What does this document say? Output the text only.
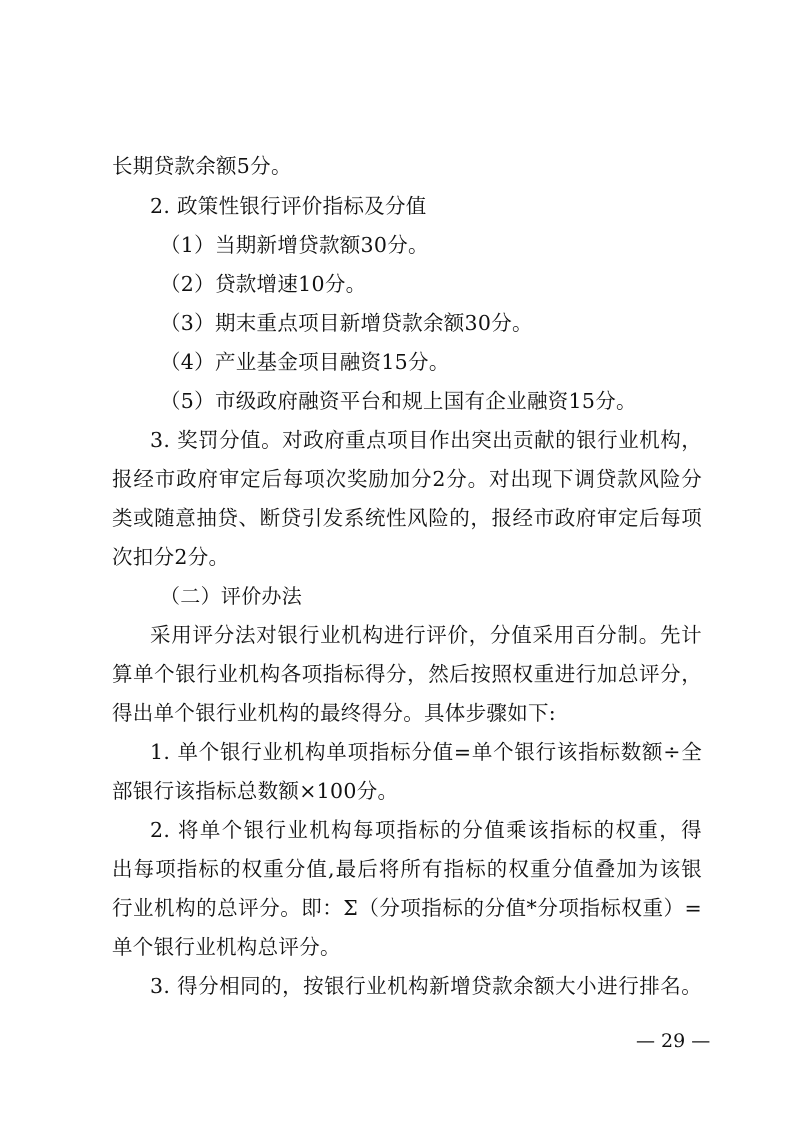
长期贷款余额5分。
2. 政策性银行评价指标及分值
（1）当期新增贷款额30分。
（2）贷款增速10分。
（3）期末重点项目新增贷款余额30分。
（4）产业基金项目融资15分。
（5）市级政府融资平台和规上国有企业融资15分。
3. 奖罚分值。对政府重点项目作出突出贡献的银行业机构，
报经市政府审定后每项次奖励加分2分。对出现下调贷款风险分
类或随意抽贷、断贷引发系统性风险的，报经市政府审定后每项
次扣分2分。
（二）评价办法
采用评分法对银行业机构进行评价，分值采用百分制。先计
算单个银行业机构各项指标得分，然后按照权重进行加总评分，
得出单个银行业机构的最终得分。具体步骤如下:
1. 单个银行业机构单项指标分值=单个银行该指标数额÷全
部银行该指标总数额×100分。
2. 将单个银行业机构每项指标的分值乘该指标的权重，得
出每项指标的权重分值,最后将所有指标的权重分值叠加为该银
行业机构的总评分。即：Σ（分项指标的分值*分项指标权重）=
单个银行业机构总评分。
3. 得分相同的，按银行业机构新增贷款余额大小进行排名。
— 29 —
